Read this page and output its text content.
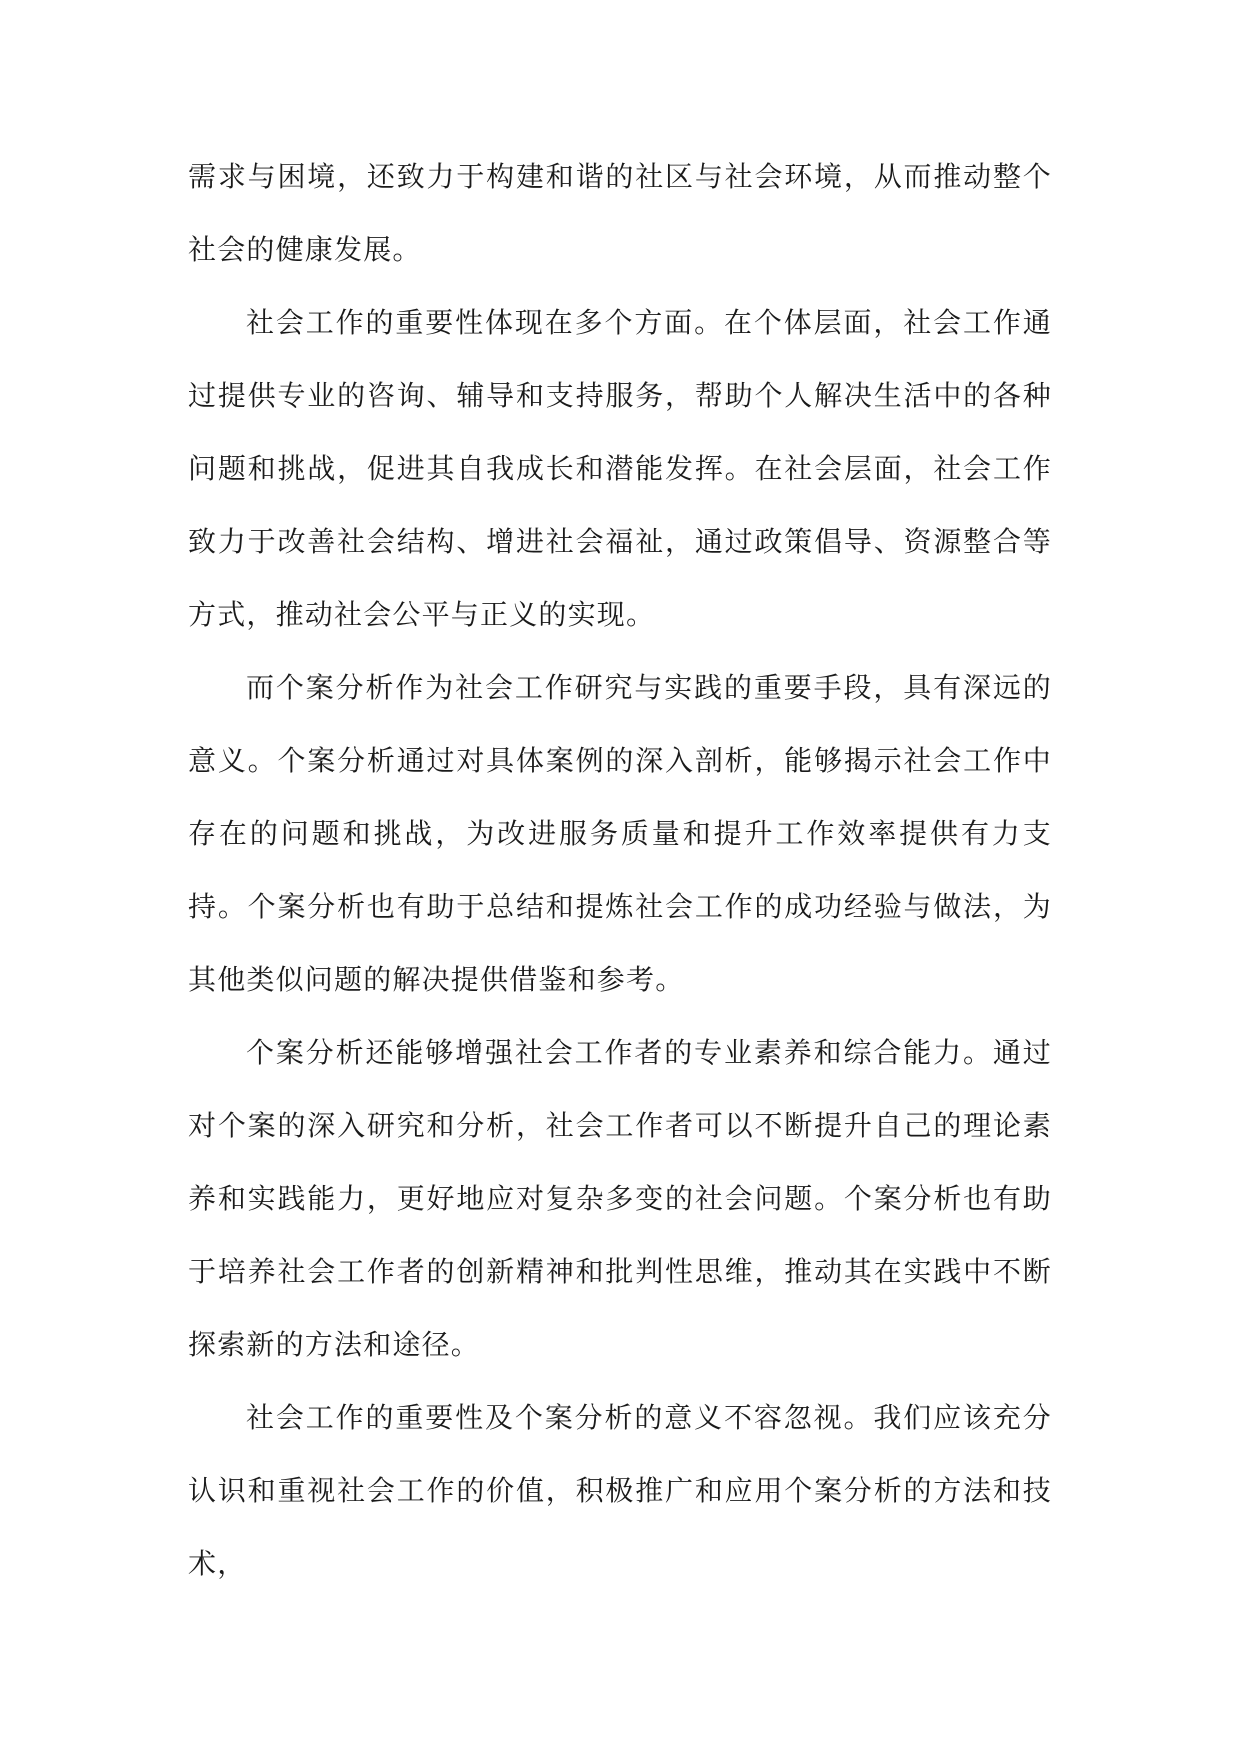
需求与困境，还致力于构建和谐的社区与社会环境，从而推动整个社会的健康发展。

社会工作的重要性体现在多个方面。在个体层面，社会工作通过提供专业的咨询、辅导和支持服务，帮助个人解决生活中的各种问题和挑战，促进其自我成长和潜能发挥。在社会层面，社会工作致力于改善社会结构、增进社会福祉，通过政策倡导、资源整合等方式，推动社会公平与正义的实现。

而个案分析作为社会工作研究与实践的重要手段，具有深远的意义。个案分析通过对具体案例的深入剖析，能够揭示社会工作中存在的问题和挑战，为改进服务质量和提升工作效率提供有力支持。个案分析也有助于总结和提炼社会工作的成功经验与做法，为其他类似问题的解决提供借鉴和参考。

个案分析还能够增强社会工作者的专业素养和综合能力。通过对个案的深入研究和分析，社会工作者可以不断提升自己的理论素养和实践能力，更好地应对复杂多变的社会问题。个案分析也有助于培养社会工作者的创新精神和批判性思维，推动其在实践中不断探索新的方法和途径。

社会工作的重要性及个案分析的意义不容忽视。我们应该充分认识和重视社会工作的价值，积极推广和应用个案分析的方法和技术，
